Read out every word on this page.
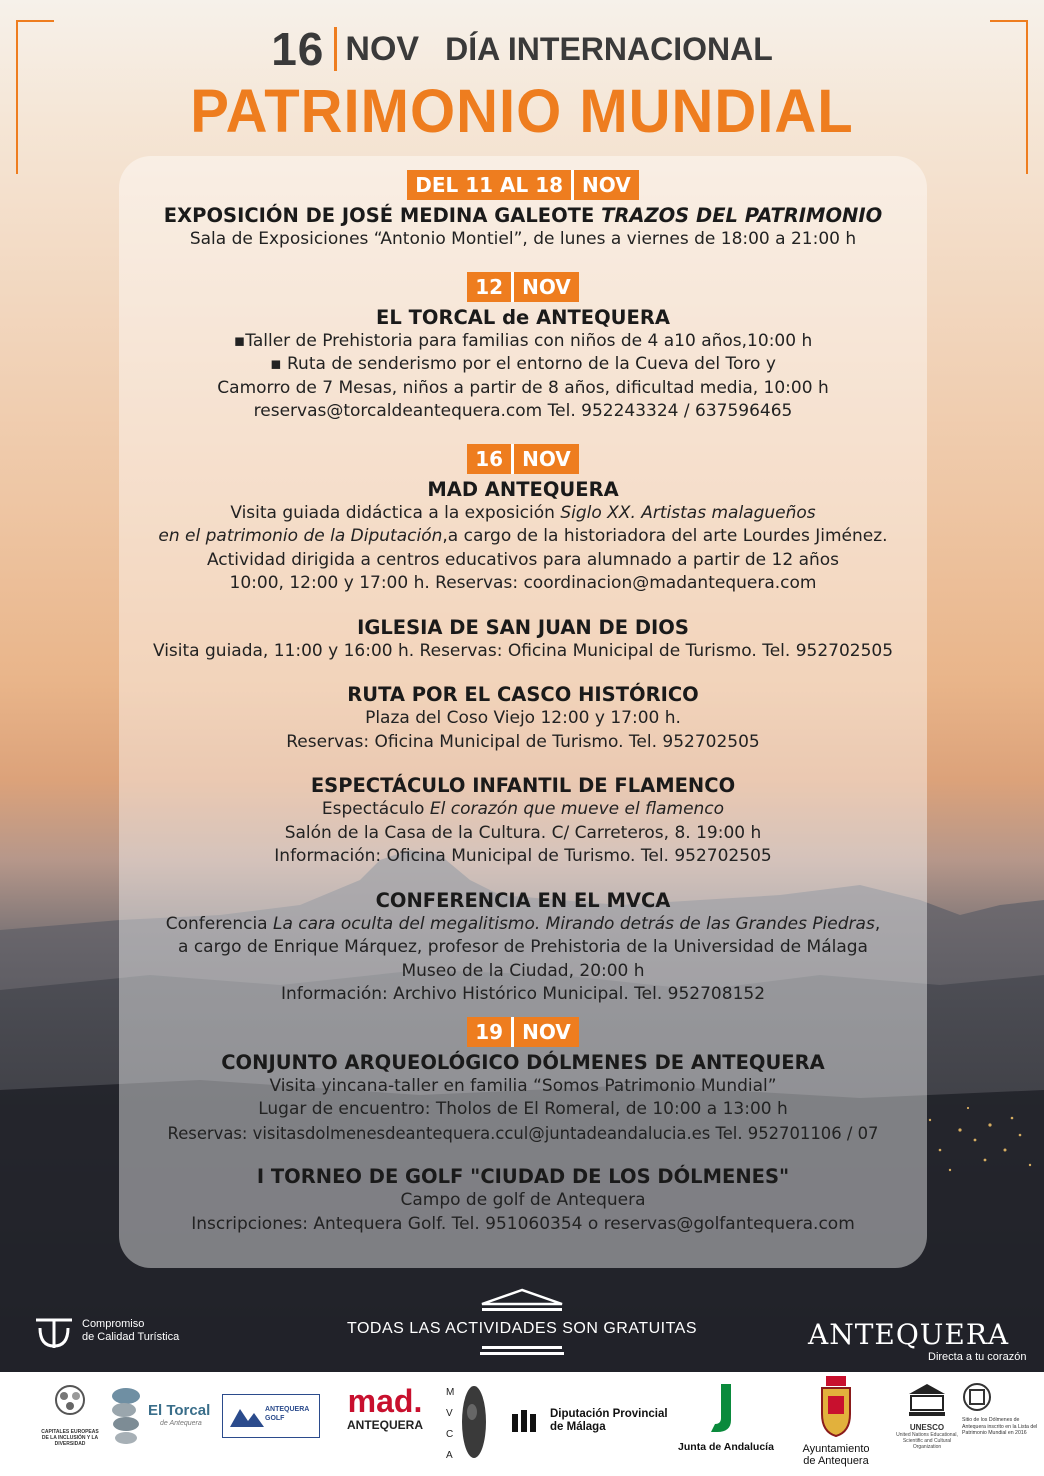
16 NOV DÍA INTERNACIONAL
PATRIMONIO MUNDIAL
DEL 11 AL 18 NOV
EXPOSICIÓN DE JOSÉ MEDINA GALEOTE TRAZOS DEL PATRIMONIO
Sala de Exposiciones “Antonio Montiel”, de lunes a viernes de 18:00 a 21:00 h
12 NOV
EL TORCAL de ANTEQUERA
▪Taller de Prehistoria para familias con niños de 4 a10 años,10:00 h
▪ Ruta de senderismo por el entorno de la Cueva del Toro y
Camorro de 7 Mesas, niños a partir de 8 años, dificultad media, 10:00 h
reservas@torcaldeantequera.com Tel. 952243324 / 637596465
16 NOV
MAD ANTEQUERA
Visita guiada didáctica a la exposición Siglo XX. Artistas malagueños
en el patrimonio de la Diputación,a cargo de la historiadora del arte Lourdes Jiménez.
Actividad dirigida a centros educativos para alumnado a partir de 12 años
10:00, 12:00 y 17:00 h. Reservas: coordinacion@madantequera.com
IGLESIA DE SAN JUAN DE DIOS
Visita guiada, 11:00 y 16:00 h. Reservas: Oficina Municipal de Turismo. Tel. 952702505
RUTA POR EL CASCO HISTÓRICO
Plaza del Coso Viejo 12:00 y 17:00 h.
Reservas: Oficina Municipal de Turismo. Tel. 952702505
ESPECTÁCULO INFANTIL DE FLAMENCO
Espectáculo El corazón que mueve el flamenco
Salón de la Casa de la Cultura. C/ Carreteros, 8. 19:00 h
Información: Oficina Municipal de Turismo. Tel. 952702505
CONFERENCIA EN EL MVCA
Conferencia La cara oculta del megalitismo. Mirando detrás de las Grandes Piedras,
a cargo de Enrique Márquez, profesor de Prehistoria de la Universidad de Málaga
Museo de la Ciudad, 20:00 h
Información: Archivo Histórico Municipal. Tel. 952708152
19 NOV
CONJUNTO ARQUEOLÓGICO DÓLMENES DE ANTEQUERA
Visita yincana-taller en familia “Somos Patrimonio Mundial”
Lugar de encuentro: Tholos de El Romeral, de 10:00 a 13:00 h
Reservas: visitasdolmenesdeantequera.ccul@juntadeandalucia.es Tel. 952701106 / 07
I TORNEO DE GOLF "CIUDAD DE LOS DÓLMENES"
Campo de golf de Antequera
Inscripciones: Antequera Golf. Tel. 951060354 o reservas@golfantequera.com
TODAS LAS ACTIVIDADES SON GRATUITAS
Compromiso
de Calidad Turística	ANTEQUERA
Directa a tu corazón
CAPITALES EUROPEAS DE LA INCLUSIÓN Y LA DIVERSIDAD
El Torcal
de Antequera
ANTEQUERA GOLF	mad.
ANTEQUERA
MVCA
Diputación Provincial
de Málaga
Junta de Andalucía	Ayuntamiento
de Antequera
UNESCO
United Nations Educational, Scientific and Cultural Organization
Sitio de los Dólmenes de Antequera inscrito en la Lista del Patrimonio Mundial en 2016
